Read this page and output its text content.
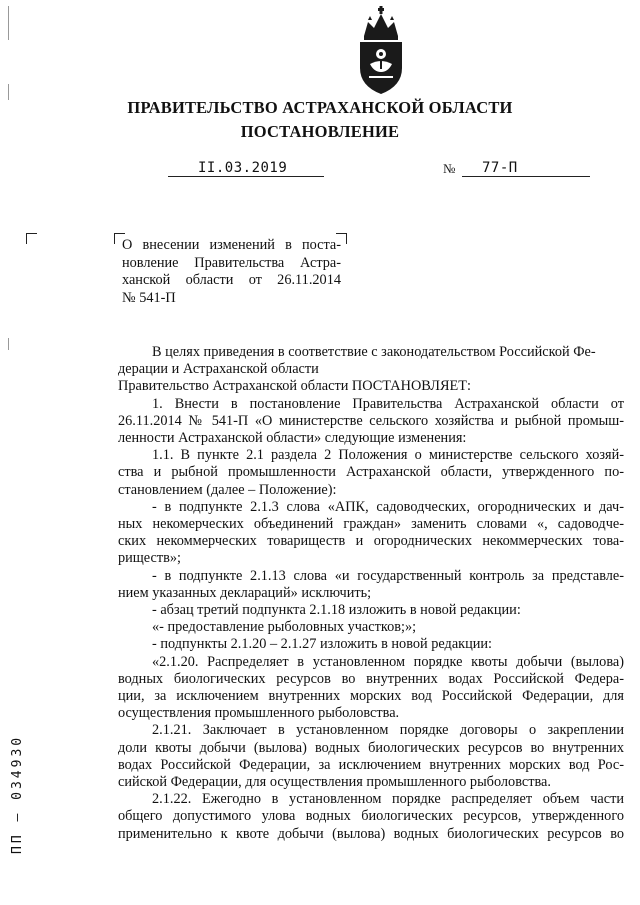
ПРАВИТЕЛЬСТВО АСТРАХАНСКОЙ ОБЛАСТИ
ПОСТАНОВЛЕНИЕ
II.03.2019	№ 77-П
О внесении изменений в поста-
новление Правительства Астра-
ханской области от 26.11.2014
№ 541-П
В целях приведения в соответствие с законодательством Российской Фе-
дерации и Астраханской области
Правительство Астраханской области ПОСТАНОВЛЯЕТ:
1. Внести в постановление Правительства Астраханской области от
26.11.2014 № 541-П «О министерстве сельского хозяйства и рыбной промыш-
ленности Астраханской области» следующие изменения:
1.1. В пункте 2.1 раздела 2 Положения о министерстве сельского хозяй-
ства и рыбной промышленности Астраханской области, утвержденного по-
становлением (далее – Положение):
- в подпункте 2.1.3 слова «АПК, садоводческих, огороднических и дач-
ных некомерческих объединений граждан» заменить словами «, садоводче-
ских некоммерческих товариществ и огороднических некоммерческих това-
риществ»;
- в подпункте 2.1.13 слова «и государственный контроль за представле-
нием указанных деклараций» исключить;
- абзац третий подпункта 2.1.18 изложить в новой редакции:
«- предоставление рыболовных участков;»;
- подпункты 2.1.20 – 2.1.27 изложить в новой редакции:
«2.1.20. Распределяет в установленном порядке квоты добычи (вылова)
водных биологических ресурсов во внутренних водах Российской Федера-
ции, за исключением внутренних морских вод Российской Федерации, для
осуществления промышленного рыболовства.
2.1.21. Заключает в установленном порядке договоры о закреплении
доли квоты добычи (вылова) водных биологических ресурсов во внутренних
водах Российской Федерации, за исключением внутренних морских вод Рос-
сийской Федерации, для осуществления промышленного рыболовства.
2.1.22. Ежегодно в установленном порядке распределяет объем части
общего допустимого улова водных биологических ресурсов, утвержденного
применительно к квоте добычи (вылова) водных биологических ресурсов во
ПП – 034930
